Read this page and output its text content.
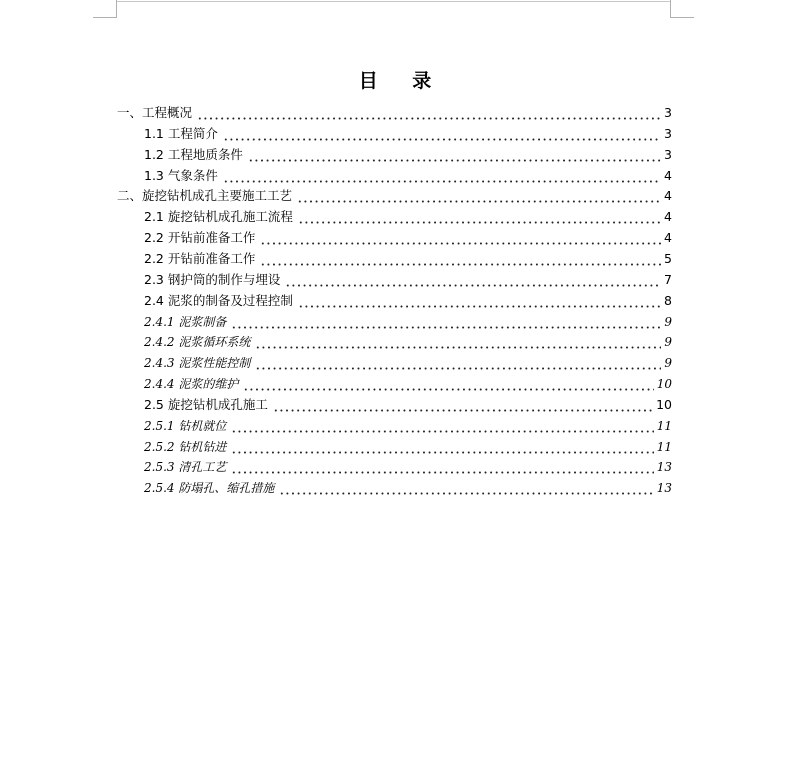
目 录
一、工程概况	3
1.1 工程简介	3
1.2 工程地质条件	3
1.3 气象条件	4
二、旋挖钻机成孔主要施工工艺	4
2.1 旋挖钻机成孔施工流程	4
2.2 开钻前准备工作	4
2.2 开钻前准备工作	5
2.3 钢护筒的制作与埋设	7
2.4 泥浆的制备及过程控制	8
2.4.1 泥浆制备	9
2.4.2 泥浆循环系统	9
2.4.3 泥浆性能控制	9
2.4.4 泥浆的维护	10
2.5 旋挖钻机成孔施工	10
2.5.1 钻机就位	11
2.5.2 钻机钻进	11
2.5.3 清孔工艺	13
2.5.4 防塌孔、缩孔措施	13
